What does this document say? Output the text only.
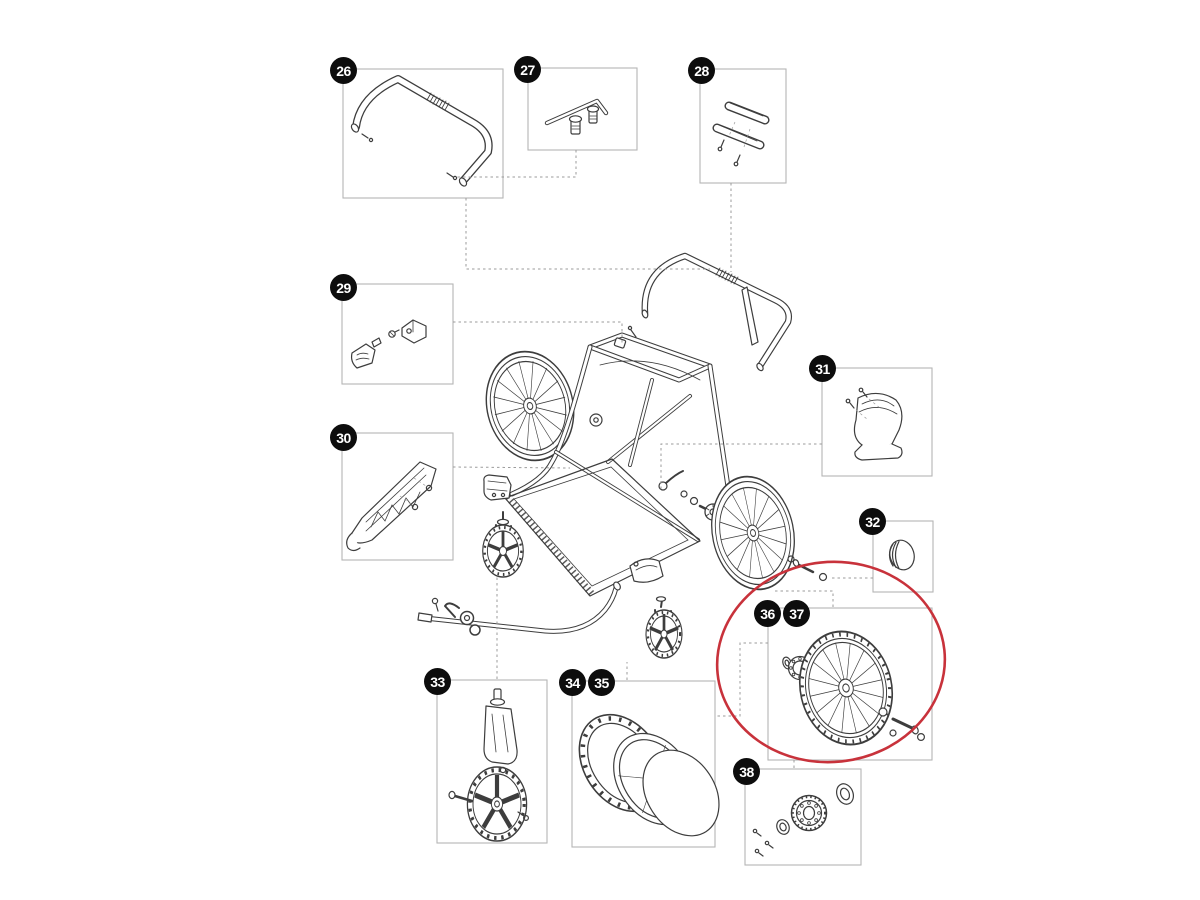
26	27	28
29
30
31
32
33	34 35
36 37
38
